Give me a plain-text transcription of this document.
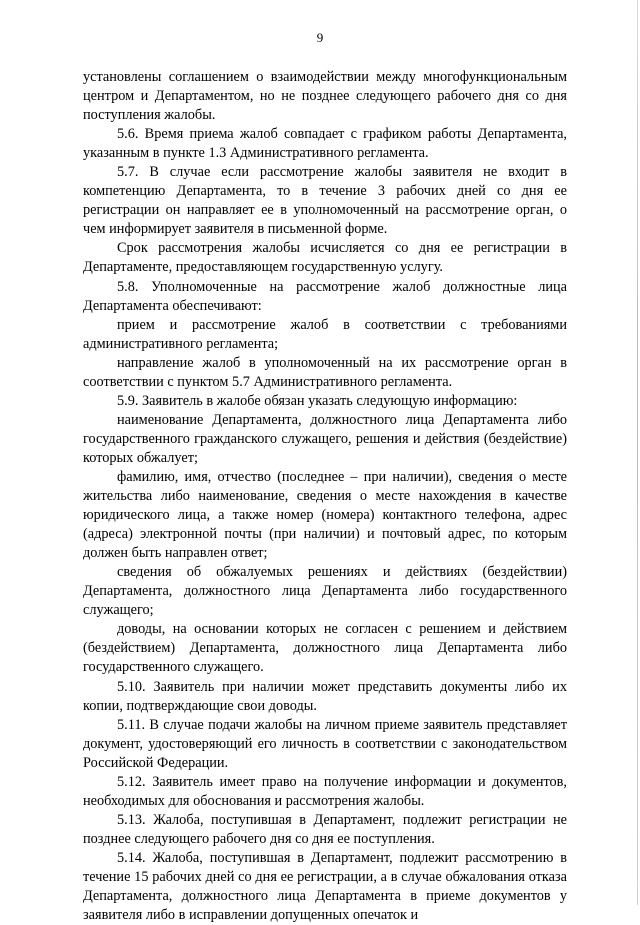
9

установлены соглашением о взаимодействии между многофункциональным центром и Департаментом, но не позднее следующего рабочего дня со дня поступления жалобы.

5.6. Время приема жалоб совпадает с графиком работы Департамента, указанным в пункте 1.3 Административного регламента.

5.7. В случае если рассмотрение жалобы заявителя не входит в компетенцию Департамента, то в течение 3 рабочих дней со дня ее регистрации он направляет ее в уполномоченный на рассмотрение орган, о чем информирует заявителя в письменной форме.

Срок рассмотрения жалобы исчисляется со дня ее регистрации в Департаменте, предоставляющем государственную услугу.

5.8. Уполномоченные на рассмотрение жалоб должностные лица Департамента обеспечивают:

прием и рассмотрение жалоб в соответствии с требованиями административного регламента;

направление жалоб в уполномоченный на их рассмотрение орган в соответствии с пунктом 5.7 Административного регламента.

5.9. Заявитель в жалобе обязан указать следующую информацию:

наименование Департамента, должностного лица Департамента либо государственного гражданского служащего, решения и действия (бездействие) которых обжалует;

фамилию, имя, отчество (последнее – при наличии), сведения о месте жительства либо наименование, сведения о месте нахождения в качестве юридического лица, а также номер (номера) контактного телефона, адрес (адреса) электронной почты (при наличии) и почтовый адрес, по которым должен быть направлен ответ;

сведения об обжалуемых решениях и действиях (бездействии) Департамента, должностного лица Департамента либо государственного служащего;

доводы, на основании которых не согласен с решением и действием (бездействием) Департамента, должностного лица Департамента либо государственного служащего.

5.10. Заявитель при наличии может представить документы либо их копии, подтверждающие свои доводы.

5.11. В случае подачи жалобы на личном приеме заявитель представляет документ, удостоверяющий его личность в соответствии с законодательством Российской Федерации.

5.12. Заявитель имеет право на получение информации и документов, необходимых для обоснования и рассмотрения жалобы.

5.13. Жалоба, поступившая в Департамент, подлежит регистрации не позднее следующего рабочего дня со дня ее поступления.

5.14. Жалоба, поступившая в Департамент, подлежит рассмотрению в течение 15 рабочих дней со дня ее регистрации, а в случае обжалования отказа Департамента, должностного лица Департамента в приеме документов у заявителя либо в исправлении допущенных опечаток и
